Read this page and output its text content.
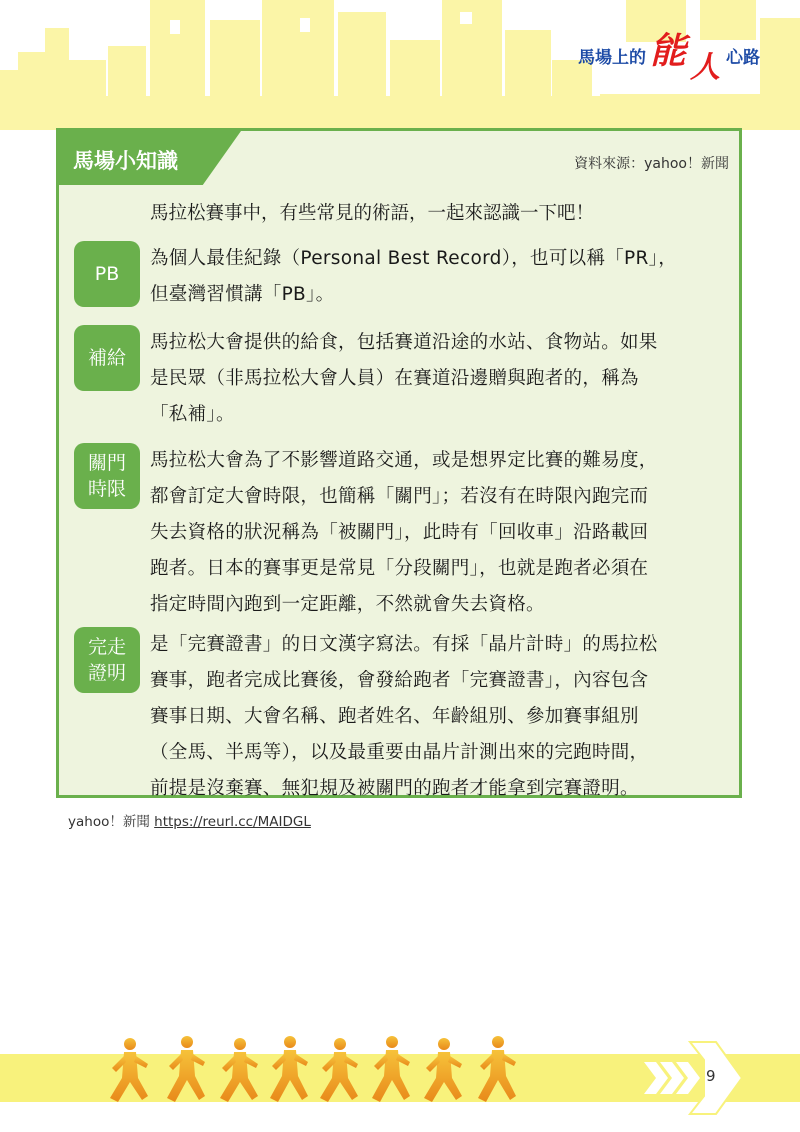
馬場上的 能 人 心路
馬場小知識	資料來源：yahoo！新聞
馬拉松賽事中，有些常見的術語，一起來認識一下吧！
PB
為個人最佳紀錄（Personal Best Record），也可以稱「PR」，
但臺灣習慣講「PB」。
補給
馬拉松大會提供的給食，包括賽道沿途的水站、食物站。如果
是民眾（非馬拉松大會人員）在賽道沿邊贈與跑者的，稱為
「私補」。
關門
時限
馬拉松大會為了不影響道路交通，或是想界定比賽的難易度，
都會訂定大會時限，也簡稱「關門」；若沒有在時限內跑完而
失去資格的狀況稱為「被關門」，此時有「回收車」沿路載回
跑者。日本的賽事更是常見「分段關門」，也就是跑者必須在
指定時間內跑到一定距離，不然就會失去資格。
完走
證明
是「完賽證書」的日文漢字寫法。有採「晶片計時」的馬拉松
賽事，跑者完成比賽後，會發給跑者「完賽證書」，內容包含
賽事日期、大會名稱、跑者姓名、年齡組別、參加賽事組別
（全馬、半馬等），以及最重要由晶片計測出來的完跑時間，
前提是沒棄賽、無犯規及被關門的跑者才能拿到完賽證明。
yahoo！新聞 https://reurl.cc/MAIDGL
9
